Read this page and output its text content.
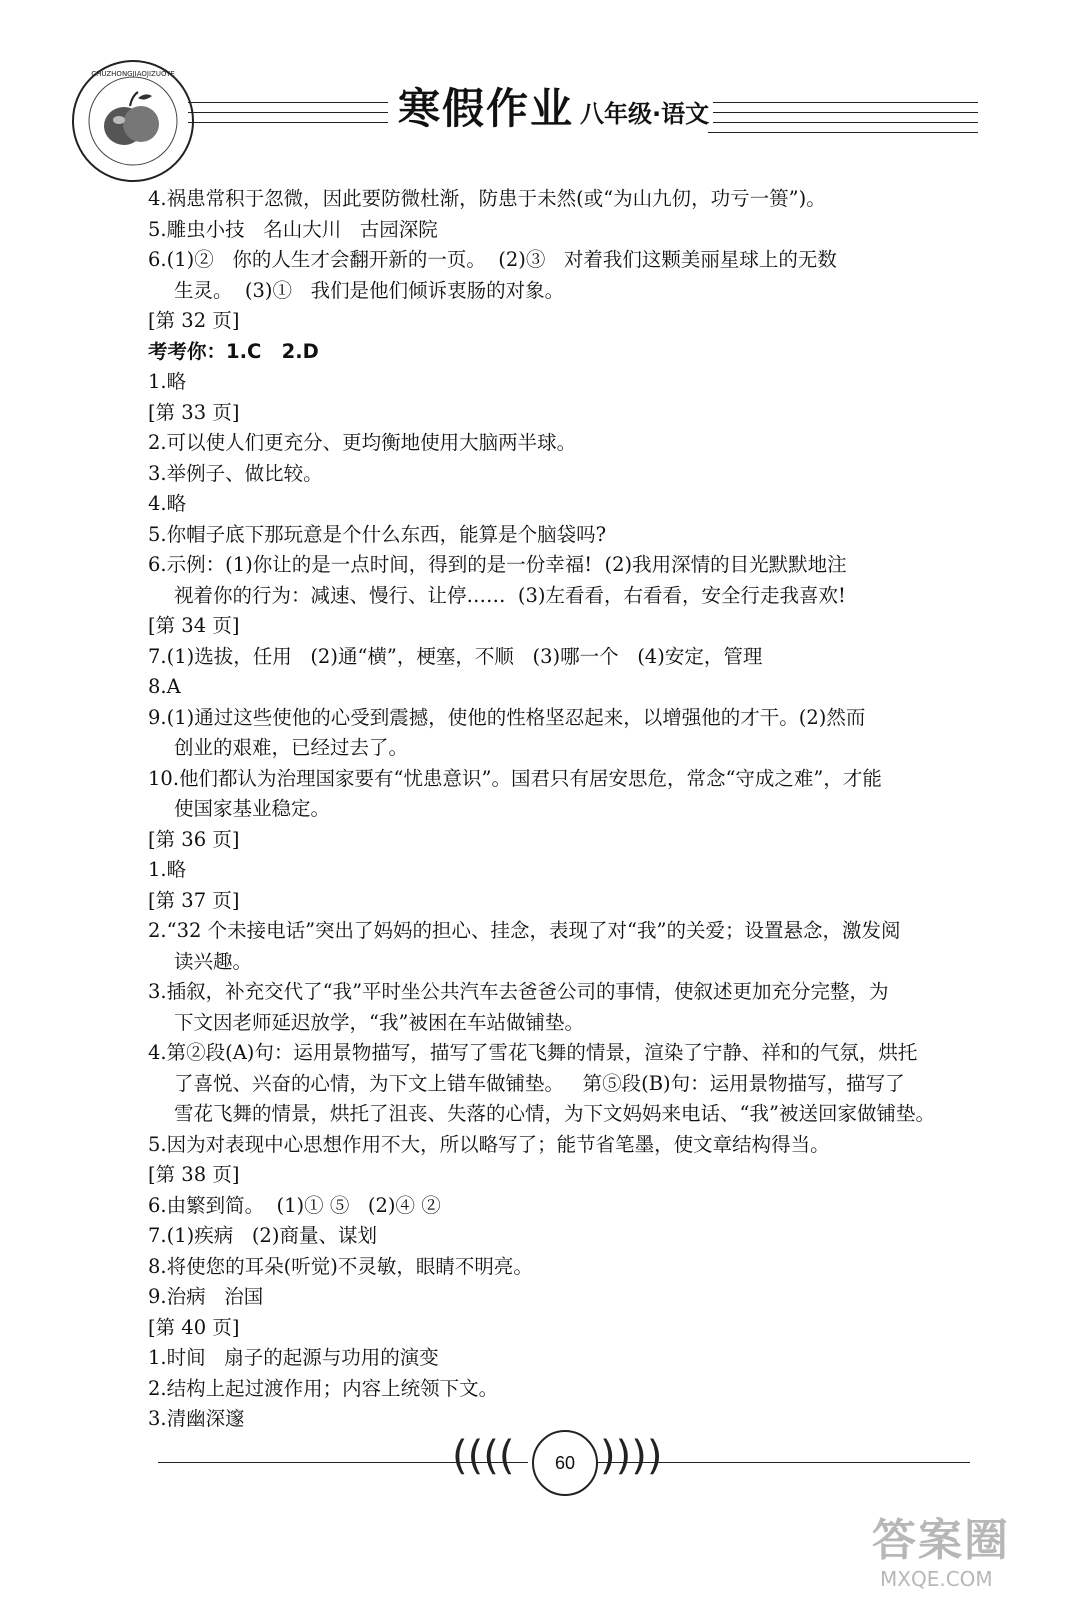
CHUZHONGJIAOJIZUOYE
寒假作业 八年级·语文
4.祸患常积于忽微，因此要防微杜渐，防患于未然(或“为山九仞，功亏一篑”)。
5.雕虫小技   名山大川   古园深院
6.(1)②   你的人生才会翻开新的一页。  (2)③   对着我们这颗美丽星球上的无数
生灵。  (3)①   我们是他们倾诉衷肠的对象。
[第 32 页]
考考你：1.C   2.D
1.略
[第 33 页]
2.可以使人们更充分、更均衡地使用大脑两半球。
3.举例子、做比较。
4.略
5.你帽子底下那玩意是个什么东西，能算是个脑袋吗?
6.示例：(1)你让的是一点时间，得到的是一份幸福!  (2)我用深情的目光默默地注
视着你的行为：减速、慢行、让停……  (3)左看看，右看看，安全行走我喜欢!
[第 34 页]
7.(1)选拔，任用   (2)通“横”，梗塞，不顺   (3)哪一个   (4)安定，管理
8.A
9.(1)通过这些使他的心受到震撼，使他的性格坚忍起来，以增强他的才干。(2)然而
创业的艰难，已经过去了。
10.他们都认为治理国家要有“忧患意识”。国君只有居安思危，常念“守成之难”，才能
使国家基业稳定。
[第 36 页]
1.略
[第 37 页]
2.“32 个未接电话”突出了妈妈的担心、挂念，表现了对“我”的关爱；设置悬念，激发阅
读兴趣。
3.插叙，补充交代了“我”平时坐公共汽车去爸爸公司的事情，使叙述更加充分完整，为
下文因老师延迟放学，“我”被困在车站做铺垫。
4.第②段(A)句：运用景物描写，描写了雪花飞舞的情景，渲染了宁静、祥和的气氛，烘托
了喜悦、兴奋的心情，为下文上错车做铺垫。   第⑤段(B)句：运用景物描写，描写了
雪花飞舞的情景，烘托了沮丧、失落的心情，为下文妈妈来电话、“我”被送回家做铺垫。
5.因为对表现中心思想作用不大，所以略写了；能节省笔墨，使文章结构得当。
[第 38 页]
6.由繁到简。  (1)① ⑤   (2)④ ②
7.(1)疾病   (2)商量、谋划
8.将使您的耳朵(听觉)不灵敏，眼睛不明亮。
9.治病   治国
[第 40 页]
1.时间   扇子的起源与功用的演变
2.结构上起过渡作用；内容上统领下文。
3.清幽深邃
(((( ))))
60
答案圈
MXQE.COM
